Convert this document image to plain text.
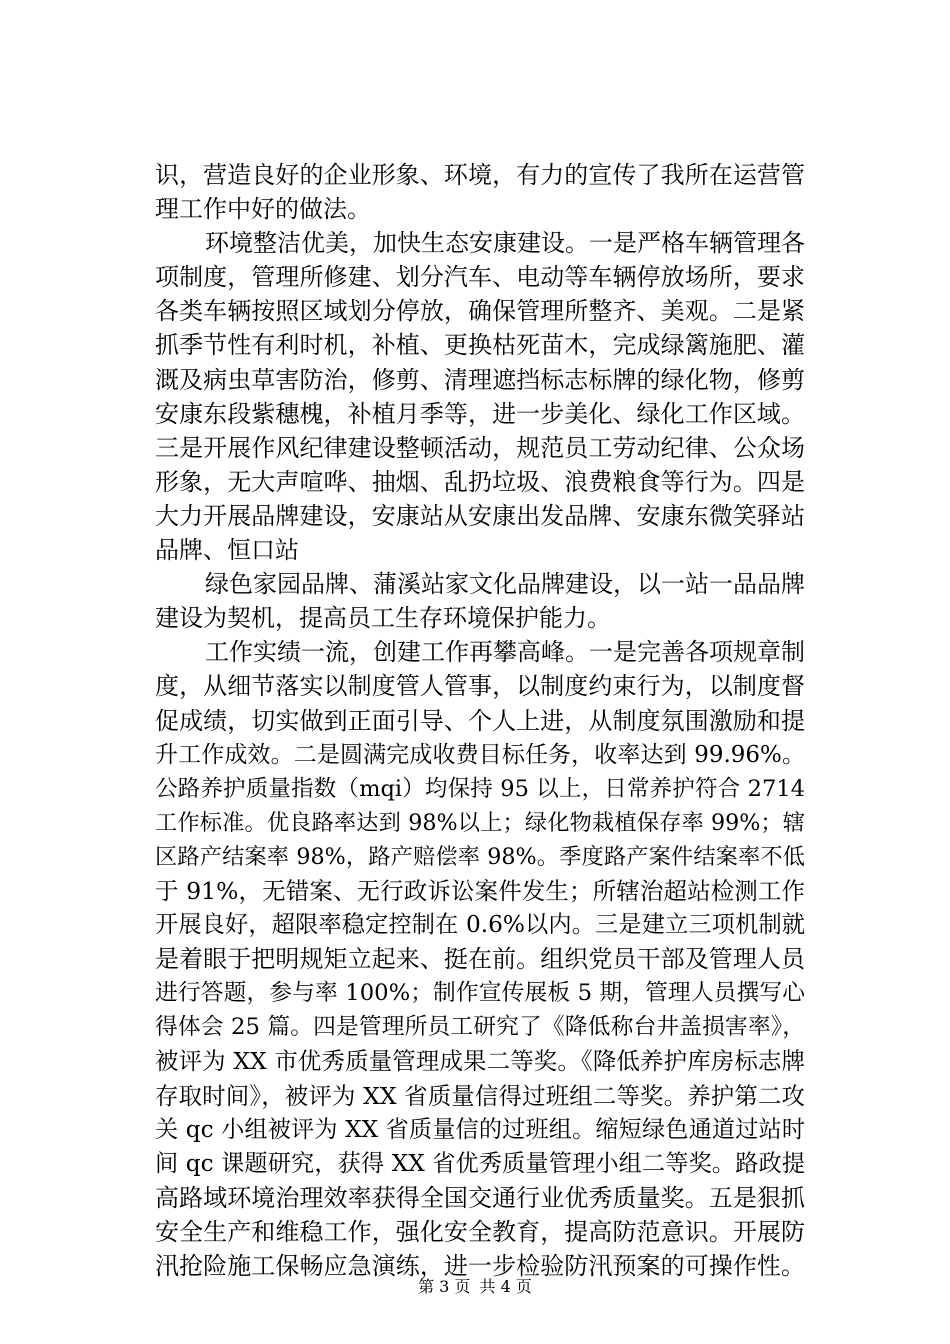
识，营造良好的企业形象、环境，有力的宣传了我所在运营管
理工作中好的做法。
环境整洁优美，加快生态安康建设。一是严格车辆管理各
项制度，管理所修建、划分汽车、电动等车辆停放场所，要求
各类车辆按照区域划分停放，确保管理所整齐、美观。二是紧
抓季节性有利时机，补植、更换枯死苗木，完成绿篱施肥、灌
溉及病虫草害防治，修剪、清理遮挡标志标牌的绿化物，修剪
安康东段紫穗槐，补植月季等，进一步美化、绿化工作区域。
三是开展作风纪律建设整顿活动，规范员工劳动纪律、公众场
形象，无大声喧哗、抽烟、乱扔垃圾、浪费粮食等行为。四是
大力开展品牌建设，安康站从安康出发品牌、安康东微笑驿站
品牌、恒口站
绿色家园品牌、蒲溪站家文化品牌建设，以一站一品品牌
建设为契机，提高员工生存环境保护能力。
工作实绩一流，创建工作再攀高峰。一是完善各项规章制
度，从细节落实以制度管人管事，以制度约束行为，以制度督
促成绩，切实做到正面引导、个人上进，从制度氛围激励和提
升工作成效。二是圆满完成收费目标任务，收率达到 99.96%。
公路养护质量指数（mqi）均保持 95 以上，日常养护符合 2714
工作标准。优良路率达到 98%以上；绿化物栽植保存率 99%；辖
区路产结案率 98%，路产赔偿率 98%。季度路产案件结案率不低
于 91%，无错案、无行政诉讼案件发生；所辖治超站检测工作
开展良好，超限率稳定控制在 0.6%以内。三是建立三项机制就
是着眼于把明规矩立起来、挺在前。组织党员干部及管理人员
进行答题，参与率 100%；制作宣传展板 5 期，管理人员撰写心
得体会 25 篇。四是管理所员工研究了《降低称台井盖损害率》，
被评为 XX 市优秀质量管理成果二等奖。《降低养护库房标志牌
存取时间》，被评为 XX 省质量信得过班组二等奖。养护第二攻
关 qc 小组被评为 XX 省质量信的过班组。缩短绿色通道过站时
间 qc 课题研究，获得 XX 省优秀质量管理小组二等奖。路政提
高路域环境治理效率获得全国交通行业优秀质量奖。五是狠抓
安全生产和维稳工作，强化安全教育，提高防范意识。开展防
汛抢险施工保畅应急演练，进一步检验防汛预案的可操作性。
第 3 页 共 4 页
